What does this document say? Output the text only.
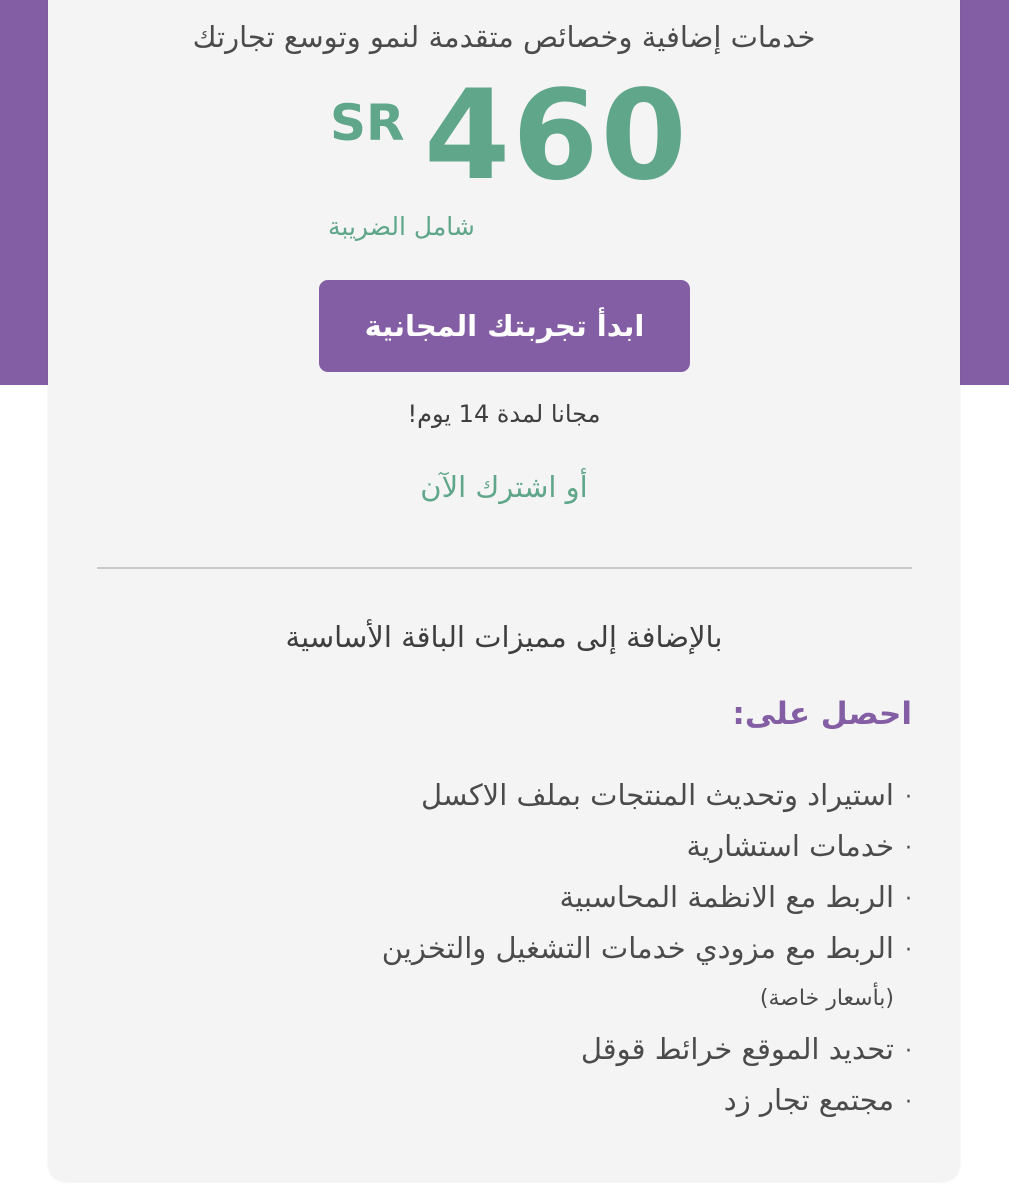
خدمات إضافية وخصائص متقدمة لنمو وتوسع تجارتك
SR 460
شامل الضريبة
ابدأ تجربتك المجانية
مجانا لمدة 14 يوم!
أو اشترك الآن
بالإضافة إلى مميزات الباقة الأساسية
احصل على:
·استيراد وتحديث المنتجات بملف الاكسل
·خدمات استشارية
·الربط مع الانظمة المحاسبية
·الربط مع مزودي خدمات التشغيل والتخزين
(بأسعار خاصة)
·تحديد الموقع خرائط قوقل
·مجتمع تجار زد
